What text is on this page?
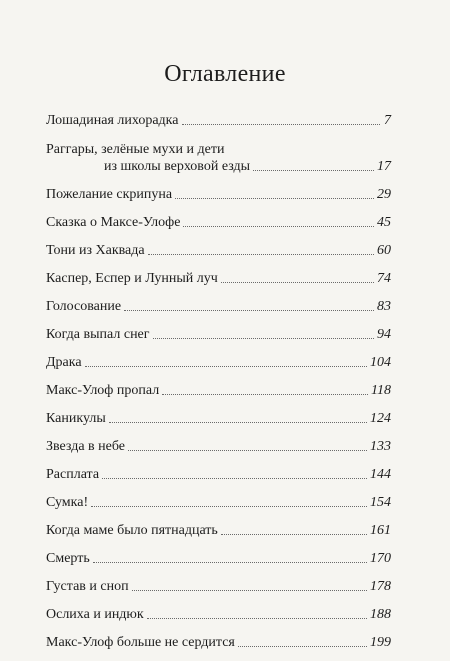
Оглавление
Лошадиная лихорадка	7
Раггары, зелёные мухи и дети
из школы верховой езды	17
Пожелание скрипуна	29
Сказка о Максе-Улофе	45
Тони из Хаквада	60
Каспер, Еспер и Лунный луч	74
Голосование	83
Когда выпал снег	94
Драка	104
Макс-Улоф пропал	118
Каникулы	124
Звезда в небе	133
Расплата	144
Сумка!	154
Когда маме было пятнадцать	161
Смерть	170
Густав и сноп	178
Ослиха и индюк	188
Макс-Улоф больше не сердится	199
